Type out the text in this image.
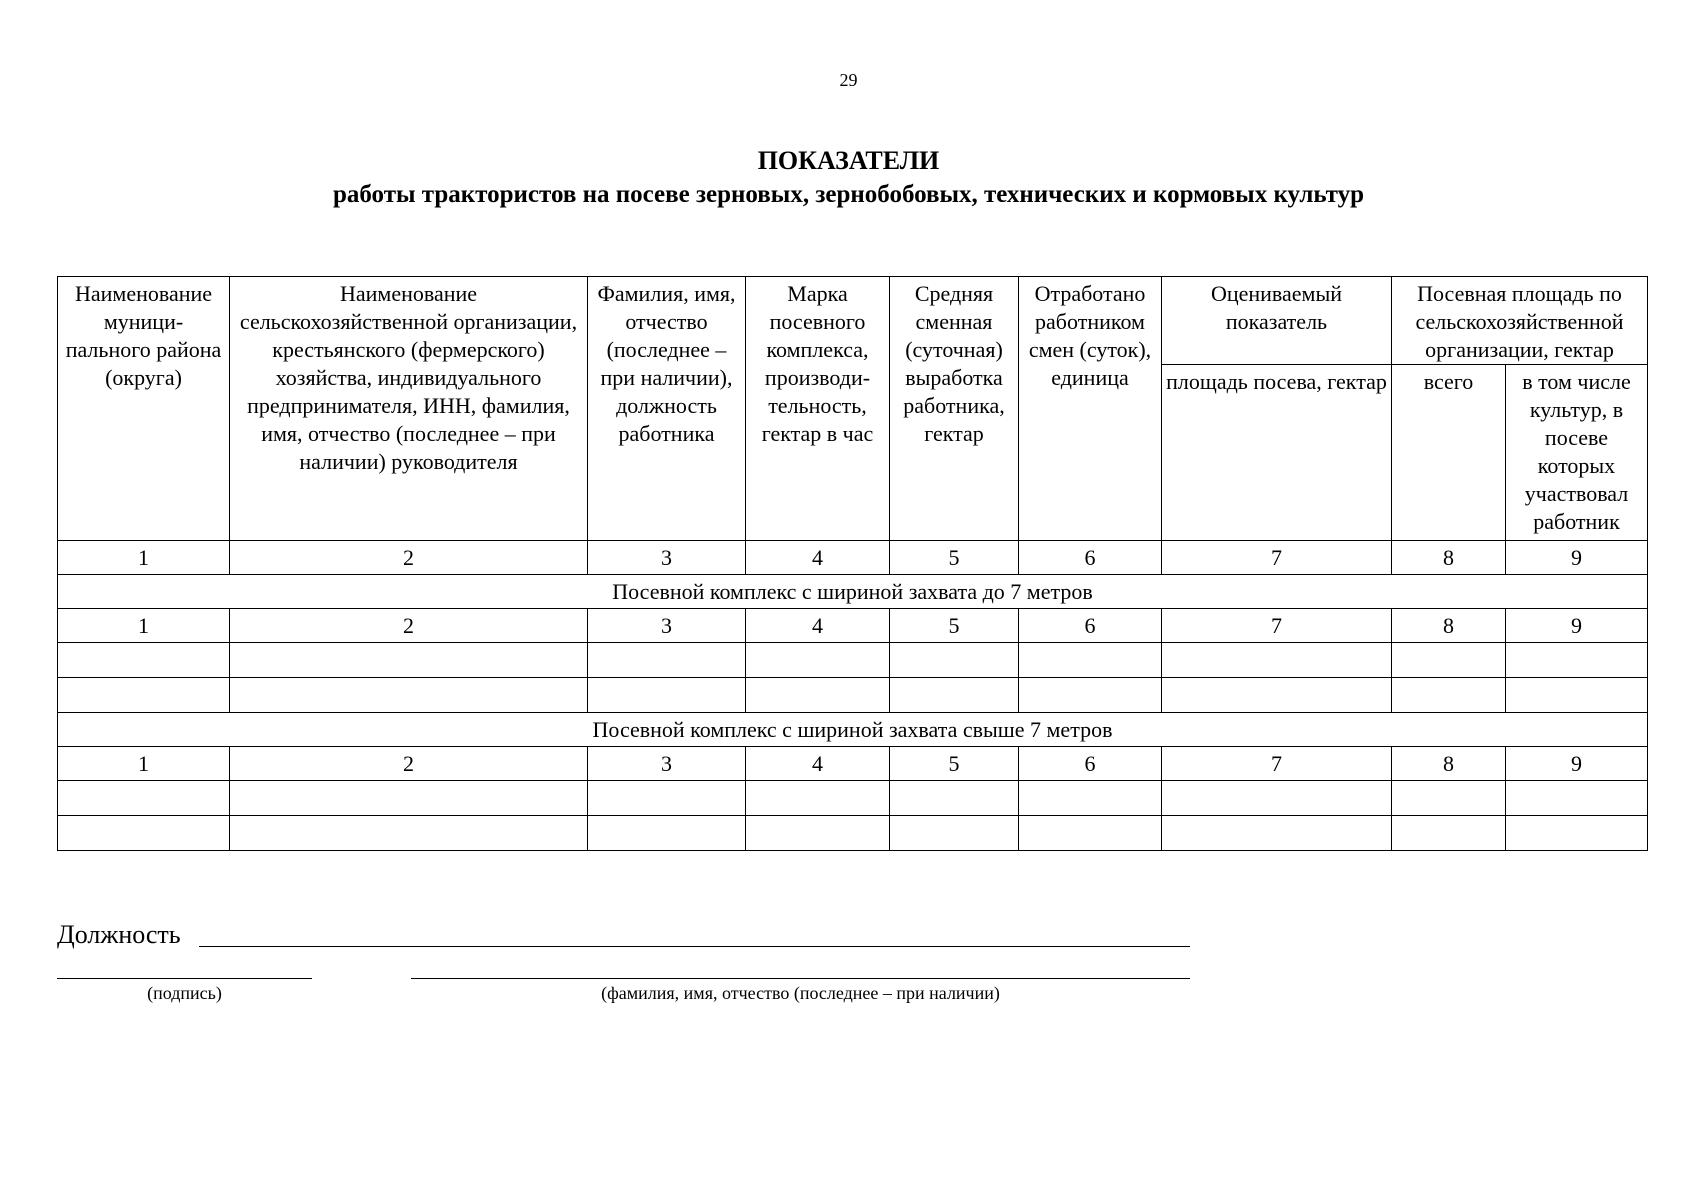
29
ПОКАЗАТЕЛИ
работы трактористов на посеве зерновых, зернобобовых, технических и кормовых культур
Наименование муници- пального района (округа)	Наименование сельскохозяйственной организации, крестьянского (фермерского) хозяйства, индивидуального предпринимателя, ИНН, фамилия, имя, отчество (последнее – при наличии) руководителя	Фамилия, имя, отчество (последнее – при наличии), должность работника	Марка посевного комплекса, производи- тельность, гектар в час	Средняя сменная (суточная) выработка работника, гектар	Отработано работником смен (суток), единица	Оцениваемый показатель	Посевная площадь по сельскохозяйственной организации, гектар	
						площадь посева, гектар	всего	в том числе культур, в посеве которых участвовал работник
1	2	3	4	5	6	7	8	9
Посевной комплекс с шириной захвата до 7 метров								
1	2	3	4	5	6	7	8	9

Посевной комплекс с шириной захвата свыше 7 метров								
1	2	3	4	5	6	7	8	9

Должность
(подпись)	(фамилия, имя, отчество (последнее – при наличии)
